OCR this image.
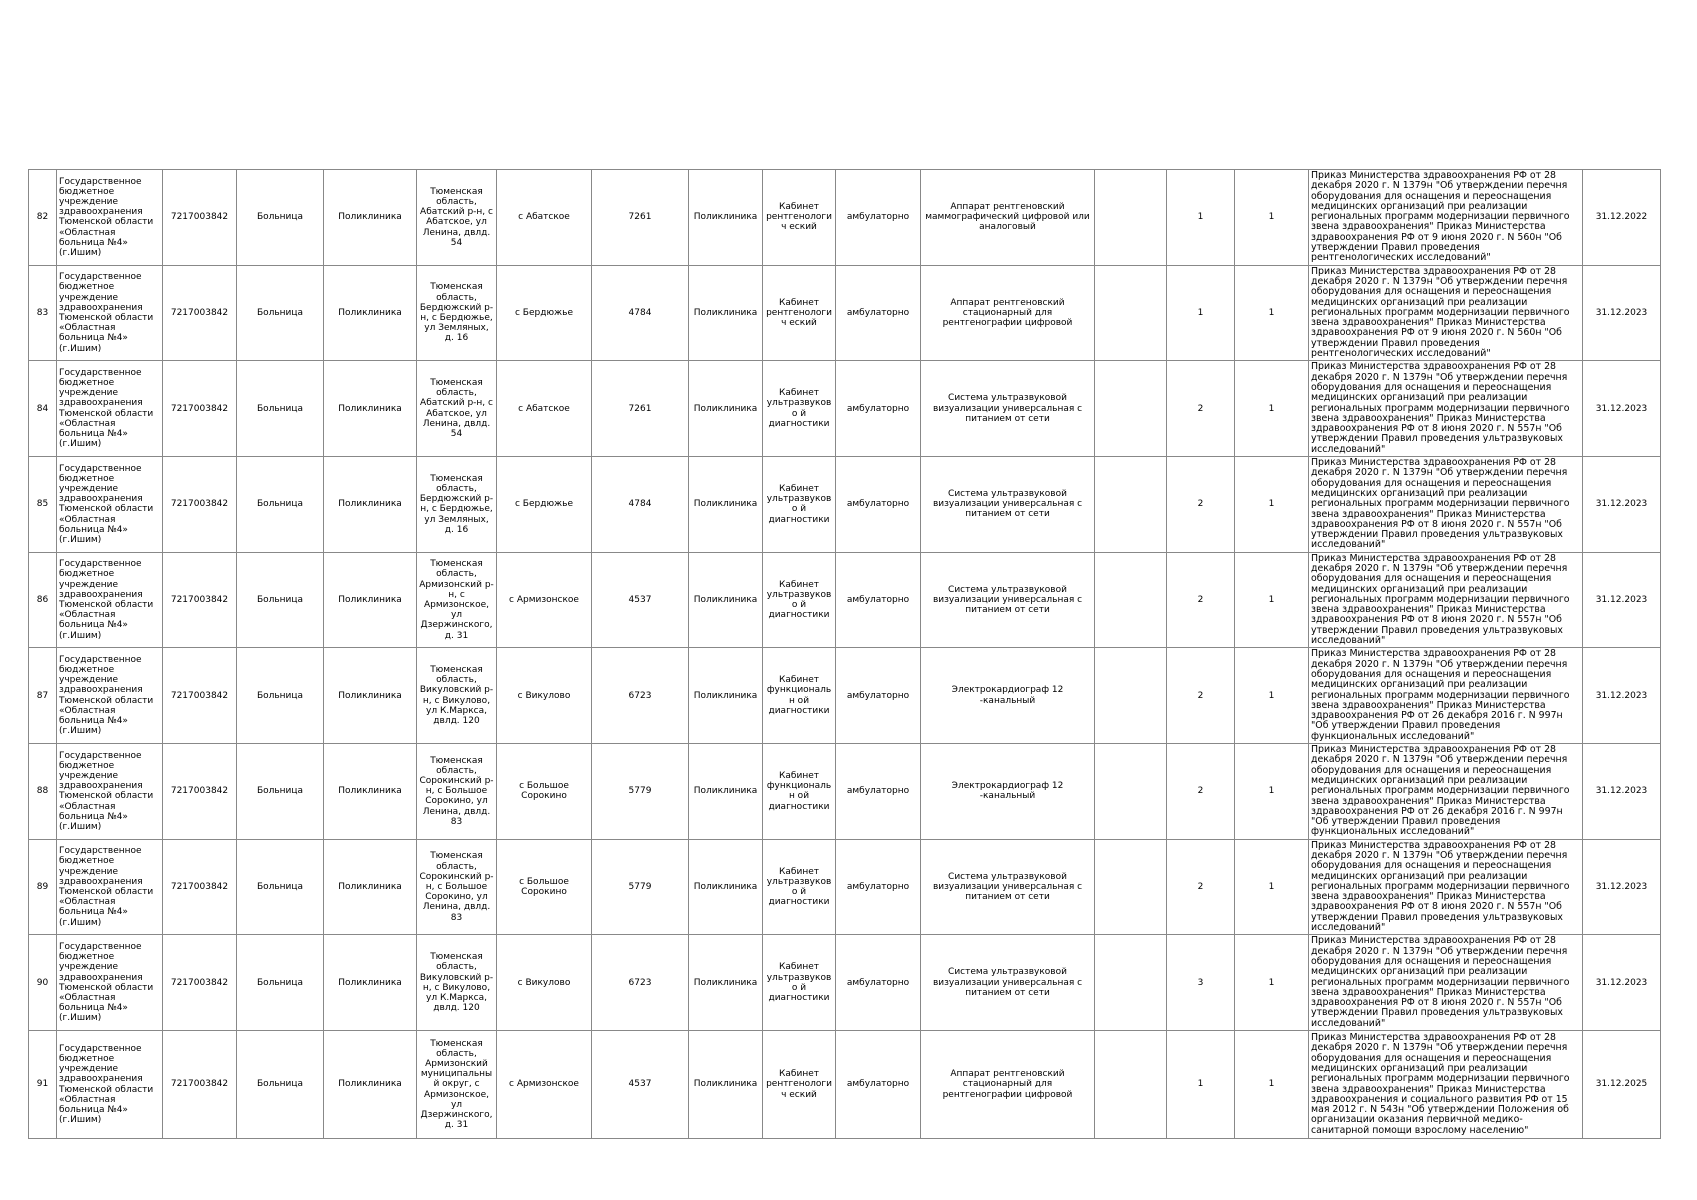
82	Государственное бюджетное учреждение здравоохранения Тюменской области «Областная больница №4» (г.Ишим)	7217003842	Больница	Поликлиника	Тюменская область, Абатский р-н, с Абатское, ул Ленина, двлд. 54	с Абатское	7261	Поликлиника	Кабинет рентгенологич еский	амбулаторно	Аппарат рентгеновский маммографический цифровой или аналоговый		1	1	Приказ Министерства здравоохранения РФ от 28 декабря 2020 г. N 1379н "Об утверждении перечня оборудования для оснащения и переоснащения медицинских организаций при реализации региональных программ модернизации первичного звена здравоохранения" Приказ Министерства здравоохранения РФ от 9 июня 2020 г. N 560н "Об утверждении Правил проведения рентгенологических исследований"	31.12.2022
83	Государственное бюджетное учреждение здравоохранения Тюменской области «Областная больница №4» (г.Ишим)	7217003842	Больница	Поликлиника	Тюменская область, Бердюжский р-н, с Бердюжье, ул Земляных, д. 16	с Бердюжье	4784	Поликлиника	Кабинет рентгенологич еский	амбулаторно	Аппарат рентгеновский стационарный для рентгенографии цифровой		1	1	Приказ Министерства здравоохранения РФ от 28 декабря 2020 г. N 1379н "Об утверждении перечня оборудования для оснащения и переоснащения медицинских организаций при реализации региональных программ модернизации первичного звена здравоохранения" Приказ Министерства здравоохранения РФ от 9 июня 2020 г. N 560н "Об утверждении Правил проведения рентгенологических исследований"	31.12.2023
84	Государственное бюджетное учреждение здравоохранения Тюменской области «Областная больница №4» (г.Ишим)	7217003842	Больница	Поликлиника	Тюменская область, Абатский р-н, с Абатское, ул Ленина, двлд. 54	с Абатское	7261	Поликлиника	Кабинет ультразвуково й диагностики	амбулаторно	Система ультразвуковой визуализации универсальная с питанием от сети		2	1	Приказ Министерства здравоохранения РФ от 28 декабря 2020 г. N 1379н "Об утверждении перечня оборудования для оснащения и переоснащения медицинских организаций при реализации региональных программ модернизации первичного звена здравоохранения" Приказ Министерства здравоохранения РФ от 8 июня 2020 г. N 557н "Об утверждении Правил проведения ультразвуковых исследований"	31.12.2023
85	Государственное бюджетное учреждение здравоохранения Тюменской области «Областная больница №4» (г.Ишим)	7217003842	Больница	Поликлиника	Тюменская область, Бердюжский р-н, с Бердюжье, ул Земляных, д. 16	с Бердюжье	4784	Поликлиника	Кабинет ультразвуково й диагностики	амбулаторно	Система ультразвуковой визуализации универсальная с питанием от сети		2	1	Приказ Министерства здравоохранения РФ от 28 декабря 2020 г. N 1379н "Об утверждении перечня оборудования для оснащения и переоснащения медицинских организаций при реализации региональных программ модернизации первичного звена здравоохранения" Приказ Министерства здравоохранения РФ от 8 июня 2020 г. N 557н "Об утверждении Правил проведения ультразвуковых исследований"	31.12.2023
86	Государственное бюджетное учреждение здравоохранения Тюменской области «Областная больница №4» (г.Ишим)	7217003842	Больница	Поликлиника	Тюменская область, Армизонский р-н, с Армизонское, ул Дзержинского, д. 31	с Армизонское	4537	Поликлиника	Кабинет ультразвуково й диагностики	амбулаторно	Система ультразвуковой визуализации универсальная с питанием от сети		2	1	Приказ Министерства здравоохранения РФ от 28 декабря 2020 г. N 1379н "Об утверждении перечня оборудования для оснащения и переоснащения медицинских организаций при реализации региональных программ модернизации первичного звена здравоохранения" Приказ Министерства здравоохранения РФ от 8 июня 2020 г. N 557н "Об утверждении Правил проведения ультразвуковых исследований"	31.12.2023
87	Государственное бюджетное учреждение здравоохранения Тюменской области «Областная больница №4» (г.Ишим)	7217003842	Больница	Поликлиника	Тюменская область, Викуловский р-н, с Викулово, ул К.Маркса, двлд. 120	с Викулово	6723	Поликлиника	Кабинет функциональн ой диагностики	амбулаторно	Электрокардиограф 12 -канальный		2	1	Приказ Министерства здравоохранения РФ от 28 декабря 2020 г. N 1379н "Об утверждении перечня оборудования для оснащения и переоснащения медицинских организаций при реализации региональных программ модернизации первичного звена здравоохранения" Приказ Министерства здравоохранения РФ от 26 декабря 2016 г. N 997н "Об утверждении Правил проведения функциональных исследований"	31.12.2023
88	Государственное бюджетное учреждение здравоохранения Тюменской области «Областная больница №4» (г.Ишим)	7217003842	Больница	Поликлиника	Тюменская область, Сорокинский р-н, с Большое Сорокино, ул Ленина, двлд. 83	с Большое Сорокино	5779	Поликлиника	Кабинет функциональн ой диагностики	амбулаторно	Электрокардиограф 12 -канальный		2	1	Приказ Министерства здравоохранения РФ от 28 декабря 2020 г. N 1379н "Об утверждении перечня оборудования для оснащения и переоснащения медицинских организаций при реализации региональных программ модернизации первичного звена здравоохранения" Приказ Министерства здравоохранения РФ от 26 декабря 2016 г. N 997н "Об утверждении Правил проведения функциональных исследований"	31.12.2023
89	Государственное бюджетное учреждение здравоохранения Тюменской области «Областная больница №4» (г.Ишим)	7217003842	Больница	Поликлиника	Тюменская область, Сорокинский р-н, с Большое Сорокино, ул Ленина, двлд. 83	с Большое Сорокино	5779	Поликлиника	Кабинет ультразвуково й диагностики	амбулаторно	Система ультразвуковой визуализации универсальная с питанием от сети		2	1	Приказ Министерства здравоохранения РФ от 28 декабря 2020 г. N 1379н "Об утверждении перечня оборудования для оснащения и переоснащения медицинских организаций при реализации региональных программ модернизации первичного звена здравоохранения" Приказ Министерства здравоохранения РФ от 8 июня 2020 г. N 557н "Об утверждении Правил проведения ультразвуковых исследований"	31.12.2023
90	Государственное бюджетное учреждение здравоохранения Тюменской области «Областная больница №4» (г.Ишим)	7217003842	Больница	Поликлиника	Тюменская область, Викуловский р-н, с Викулово, ул К.Маркса, двлд. 120	с Викулово	6723	Поликлиника	Кабинет ультразвуково й диагностики	амбулаторно	Система ультразвуковой визуализации универсальная с питанием от сети		3	1	Приказ Министерства здравоохранения РФ от 28 декабря 2020 г. N 1379н "Об утверждении перечня оборудования для оснащения и переоснащения медицинских организаций при реализации региональных программ модернизации первичного звена здравоохранения" Приказ Министерства здравоохранения РФ от 8 июня 2020 г. N 557н "Об утверждении Правил проведения ультразвуковых исследований"	31.12.2023
91	Государственное бюджетное учреждение здравоохранения Тюменской области «Областная больница №4» (г.Ишим)	7217003842	Больница	Поликлиника	Тюменская область, Армизонский муниципальный округ, с Армизонское, ул Дзержинского, д. 31	с Армизонское	4537	Поликлиника	Кабинет рентгенологич еский	амбулаторно	Аппарат рентгеновский стационарный для рентгенографии цифровой		1	1	Приказ Министерства здравоохранения РФ от 28 декабря 2020 г. N 1379н "Об утверждении перечня оборудования для оснащения и переоснащения медицинских организаций при реализации региональных программ модернизации первичного звена здравоохранения" Приказ Министерства здравоохранения и социального развития РФ от 15 мая 2012 г. N 543н "Об утверждении Положения об организации оказания первичной медико-санитарной помощи взрослому населению"	31.12.2025
